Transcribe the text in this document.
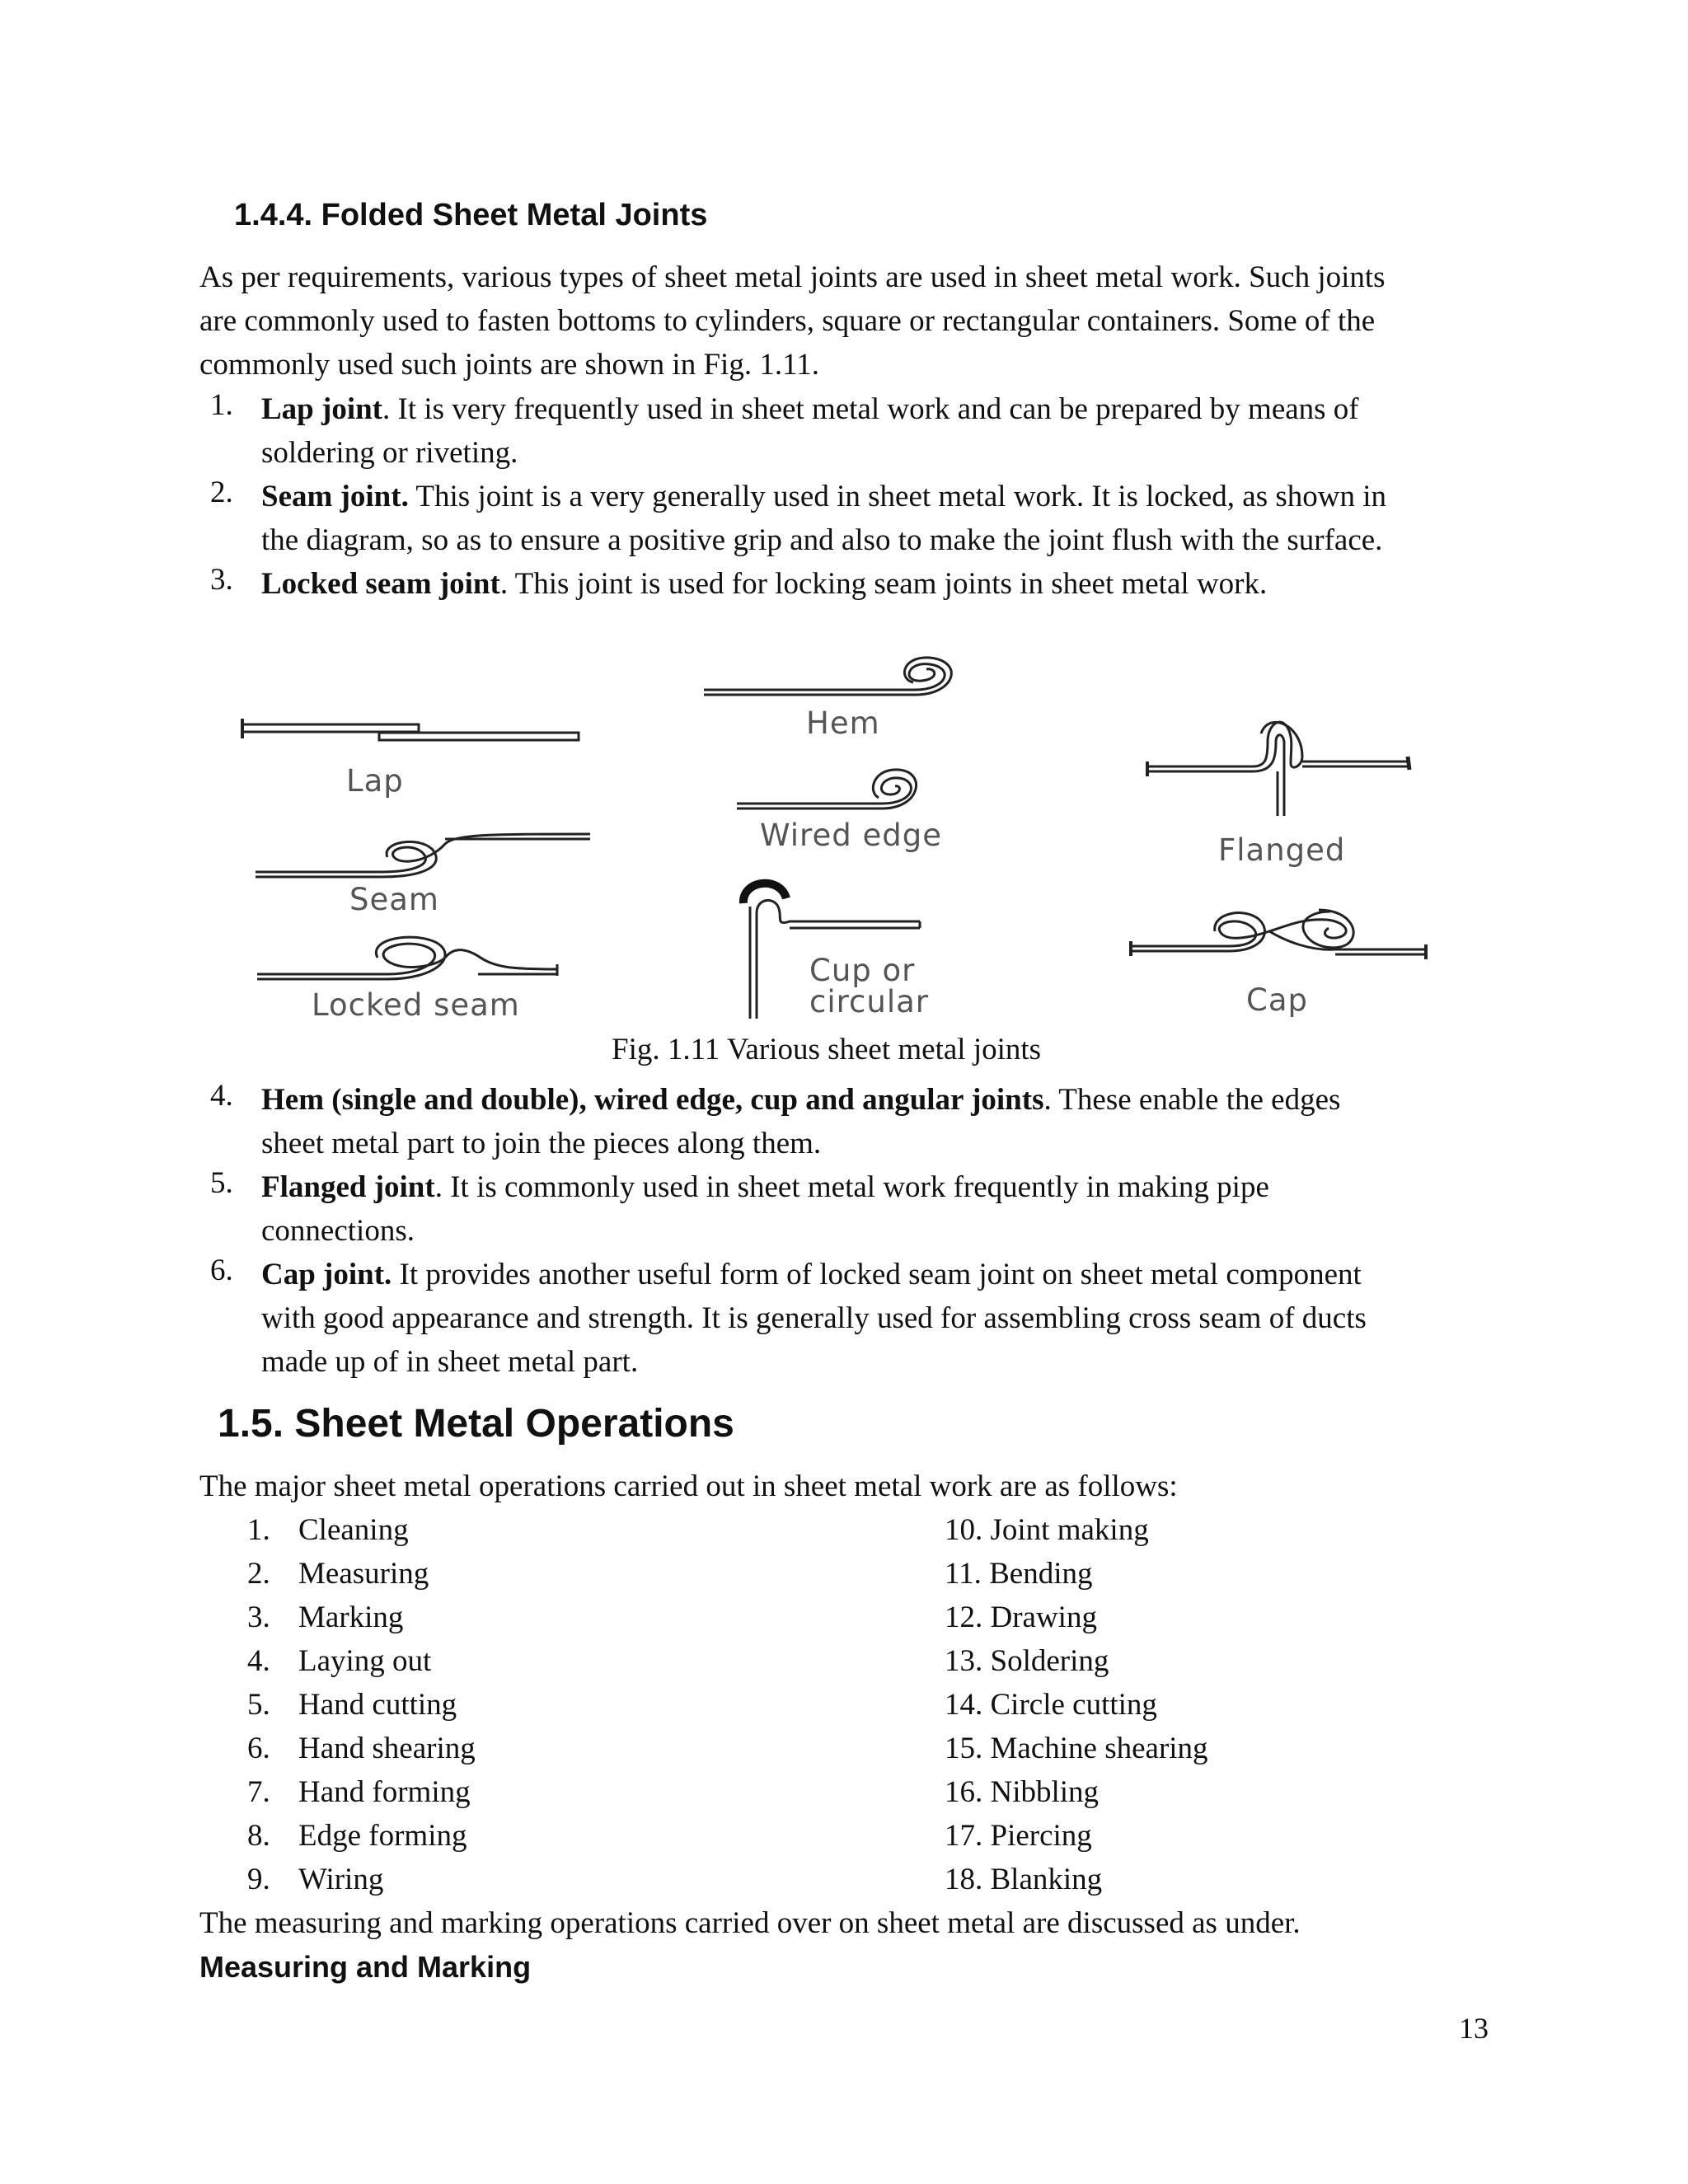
1.4.4. Folded Sheet Metal Joints
As per requirements, various types of sheet metal joints are used in sheet metal work. Such joints
are commonly used to fasten bottoms to cylinders, square or rectangular containers. Some of the
commonly used such joints are shown in Fig. 1.11.
1. Lap joint. It is very frequently used in sheet metal work and can be prepared by means of
soldering or riveting.
2. Seam joint. This joint is a very generally used in sheet metal work. It is locked, as shown in
the diagram, so as to ensure a positive grip and also to make the joint flush with the surface.
3. Locked seam joint. This joint is used for locking seam joints in sheet metal work.
Lap
Seam
Locked seam
Hem
Wired edge
Cup or
circular
Flanged
Cap
Fig. 1.11 Various sheet metal joints
4. Hem (single and double), wired edge, cup and angular joints. These enable the edges
sheet metal part to join the pieces along them.
5. Flanged joint. It is commonly used in sheet metal work frequently in making pipe
connections.
6. Cap joint. It provides another useful form of locked seam joint on sheet metal component
with good appearance and strength. It is generally used for assembling cross seam of ducts
made up of in sheet metal part.
1.5. Sheet Metal Operations
The major sheet metal operations carried out in sheet metal work are as follows:
1. Cleaning
2. Measuring
3. Marking
4. Laying out
5. Hand cutting
6. Hand shearing
7. Hand forming
8. Edge forming
9. Wiring
10. Joint making
11. Bending
12. Drawing
13. Soldering
14. Circle cutting
15. Machine shearing
16. Nibbling
17. Piercing
18. Blanking
The measuring and marking operations carried over on sheet metal are discussed as under.
Measuring and Marking
13
